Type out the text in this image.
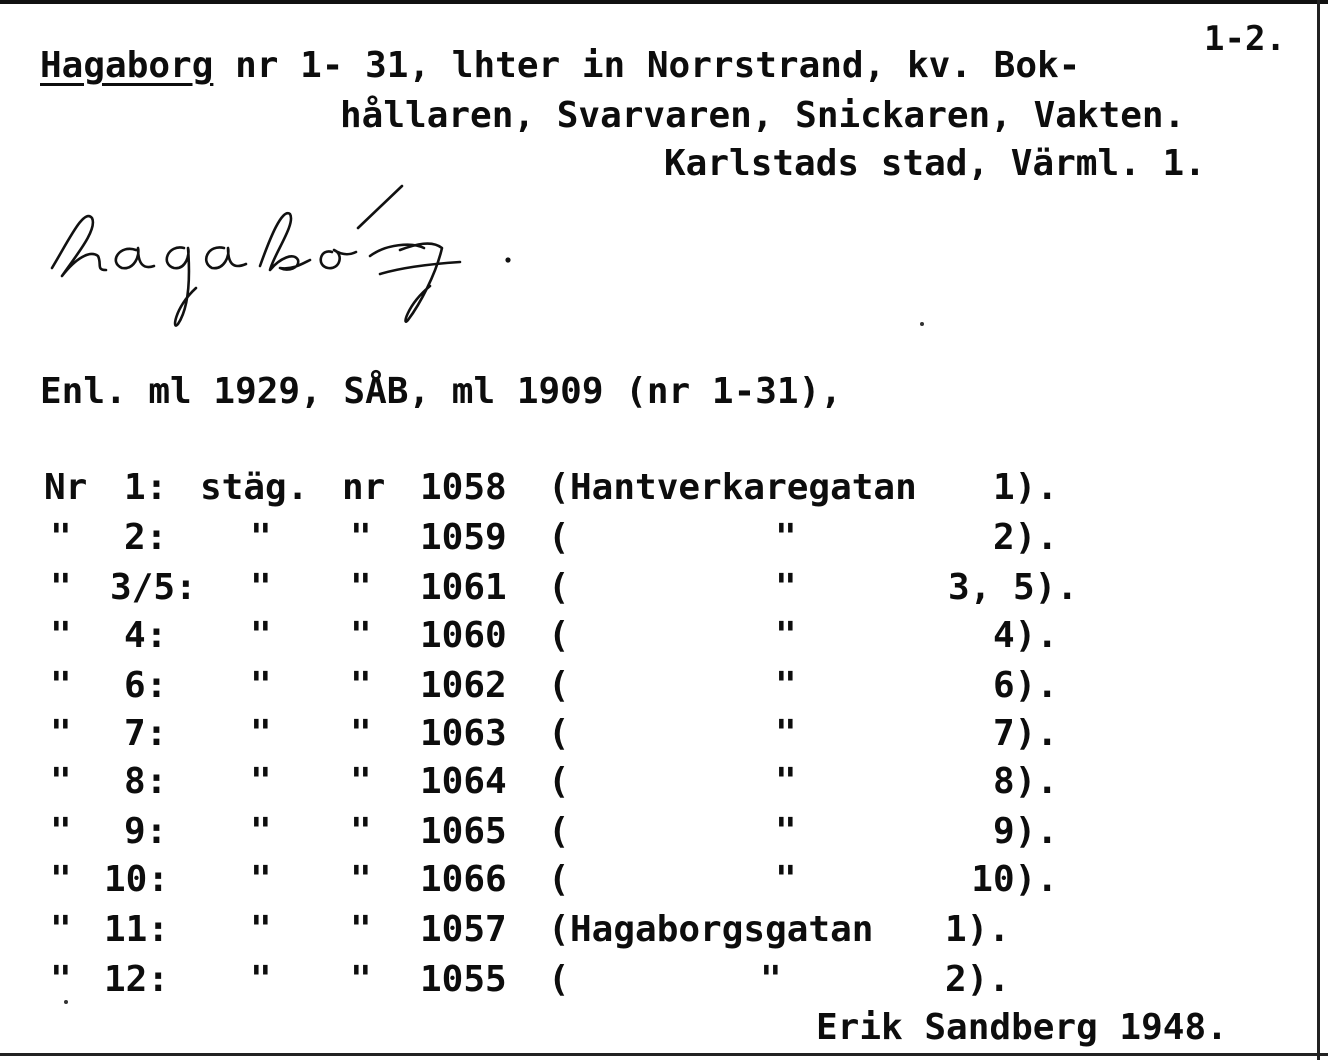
Hagaborg nr 1- 31, lhter in Norrstrand, kv. Bok-
1-2.
hållaren, Svarvaren, Snickaren, Vakten.
Karlstads stad, Värml. 1.
Enl. ml 1929, SÅB, ml 1909 (nr 1-31),
Nr 1: stäg. nr 1058 ( Hantverkaregatan 1).
" 2: " " 1059 (	"	2).
" 3/5: " " 1061 (	"	3, 5).
" 4: " " 1060 (	"	4).
" 6: " " 1062 (	"	6).
" 7: " " 1063 (	"	7).
" 8: " " 1064 (	"	8).
" 9: " " 1065 (	"	9).
" 10: " " 1066 (	"	10).
" 11: " " 1057 ( Hagaborgsgatan 1).
" 12: " " 1055 (	"	2).
Erik Sandberg 1948.
